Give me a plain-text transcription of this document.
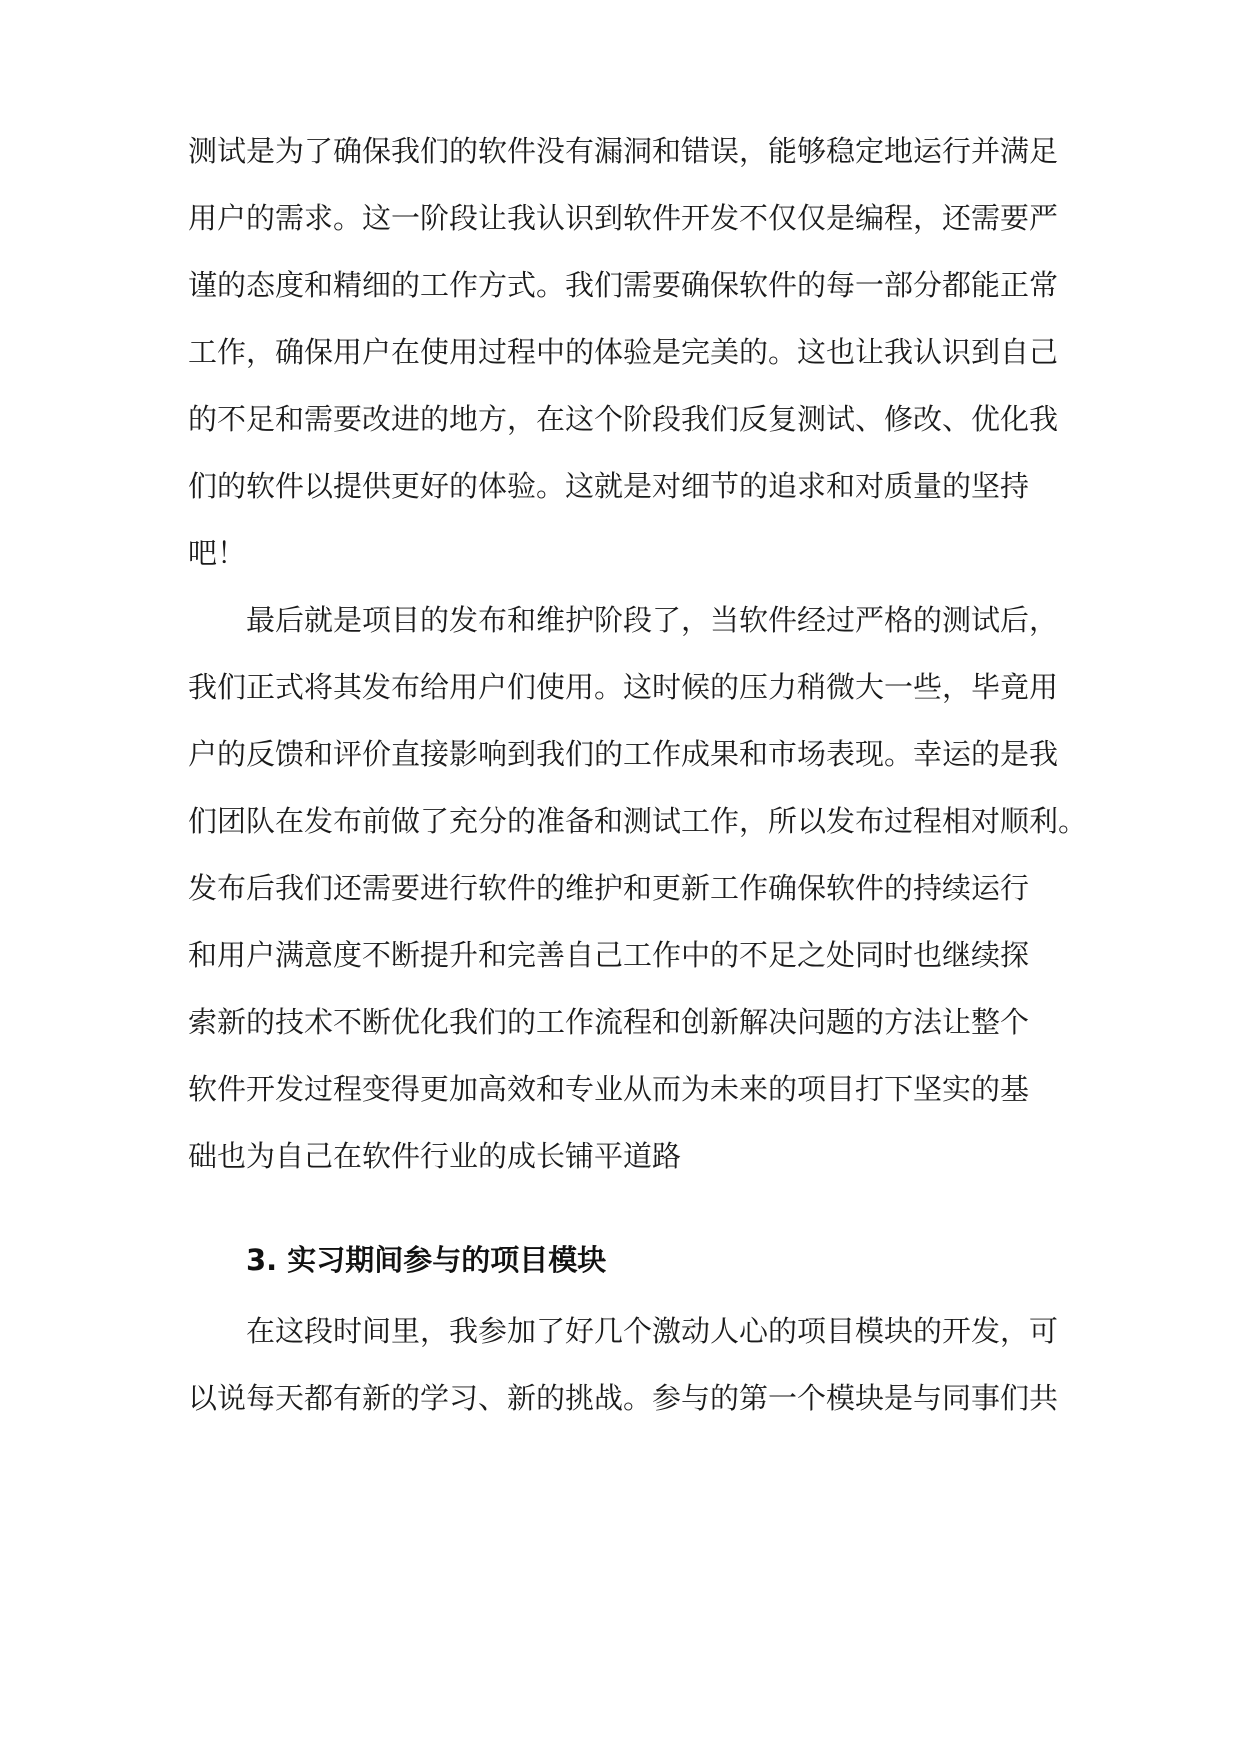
测试是为了确保我们的软件没有漏洞和错误，能够稳定地运行并满足
用户的需求。这一阶段让我认识到软件开发不仅仅是编程，还需要严
谨的态度和精细的工作方式。我们需要确保软件的每一部分都能正常
工作，确保用户在使用过程中的体验是完美的。这也让我认识到自己
的不足和需要改进的地方，在这个阶段我们反复测试、修改、优化我
们的软件以提供更好的体验。这就是对细节的追求和对质量的坚持
吧！
最后就是项目的发布和维护阶段了，当软件经过严格的测试后，
我们正式将其发布给用户们使用。这时候的压力稍微大一些，毕竟用
户的反馈和评价直接影响到我们的工作成果和市场表现。幸运的是我
们团队在发布前做了充分的准备和测试工作，所以发布过程相对顺利。
发布后我们还需要进行软件的维护和更新工作确保软件的持续运行
和用户满意度不断提升和完善自己工作中的不足之处同时也继续探
索新的技术不断优化我们的工作流程和创新解决问题的方法让整个
软件开发过程变得更加高效和专业从而为未来的项目打下坚实的基
础也为自己在软件行业的成长铺平道路
3. 实习期间参与的项目模块
在这段时间里，我参加了好几个激动人心的项目模块的开发，可
以说每天都有新的学习、新的挑战。参与的第一个模块是与同事们共
